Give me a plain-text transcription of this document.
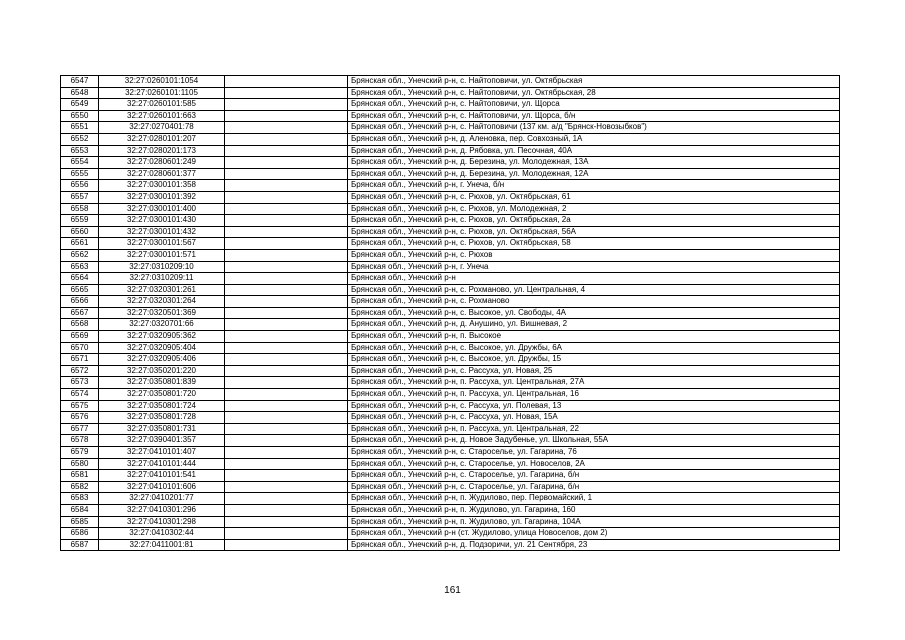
6547	32:27:0260101:1054		Брянская обл., Унечский р-н, с. Найтоповичи, ул. Октябрьская
6548	32:27:0260101:1105		Брянская обл., Унечский р-н, с. Найтоповичи, ул. Октябрьская, 28
6549	32:27:0260101:585		Брянская обл., Унечский р-н, с. Найтоповичи, ул. Щорса
6550	32:27:0260101:663		Брянская обл., Унечский р-н, с. Найтоповичи, ул. Щорса, б/н
6551	32:27:0270401:78		Брянская обл., Унечский р-н, с. Найтоповичи (137 км. а/д "Брянск-Новозыбков")
6552	32:27:0280101:207		Брянская обл., Унечский р-н, д. Аленовка, пер. Совхозный, 1А
6553	32:27:0280201:173		Брянская обл., Унечский р-н, д. Рябовка, ул. Песочная, 40А
6554	32:27:0280601:249		Брянская обл., Унечский р-н, д. Березина, ул. Молодежная, 13А
6555	32:27:0280601:377		Брянская обл., Унечский р-н, д. Березина, ул. Молодежная, 12А
6556	32:27:0300101:358		Брянская обл., Унечский р-н, г. Унеча, б/н
6557	32:27:0300101:392		Брянская обл., Унечский р-н, с. Рюхов, ул. Октябрьская, 61
6558	32:27:0300101:400		Брянская обл., Унечский р-н, с. Рюхов, ул. Молодежная, 2
6559	32:27:0300101:430		Брянская обл., Унечский р-н, с. Рюхов, ул. Октябрьская, 2а
6560	32:27:0300101:432		Брянская обл., Унечский р-н, с. Рюхов, ул. Октябрьская, 56А
6561	32:27:0300101:567		Брянская обл., Унечский р-н, с. Рюхов, ул. Октябрьская, 58
6562	32:27:0300101:571		Брянская обл., Унечский р-н, с. Рюхов
6563	32:27:0310209:10		Брянская обл., Унечский р-н, г. Унеча
6564	32:27:0310209:11		Брянская обл., Унечский р-н
6565	32:27:0320301:261		Брянская обл., Унечский р-н, с. Рохманово, ул. Центральная, 4
6566	32:27:0320301:264		Брянская обл., Унечский р-н, с. Рохманово
6567	32:27:0320501:369		Брянская обл., Унечский р-н, с. Высокое, ул. Свободы, 4А
6568	32:27:0320701:66		Брянская обл., Унечский р-н, д. Анушино, ул. Вишневая, 2
6569	32:27:0320905:362		Брянская обл., Унечский р-н, п. Высокое
6570	32:27:0320905:404		Брянская обл., Унечский р-н, с. Высокое, ул. Дружбы, 6А
6571	32:27:0320905:406		Брянская обл., Унечский р-н, с. Высокое, ул. Дружбы, 15
6572	32:27:0350201:220		Брянская обл., Унечский р-н, с. Рассуха, ул. Новая, 25
6573	32:27:0350801:839		Брянская обл., Унечский р-н, п. Рассуха, ул. Центральная, 27А
6574	32:27:0350801:720		Брянская обл., Унечский р-н, п. Рассуха, ул. Центральная, 16
6575	32:27:0350801:724		Брянская обл., Унечский р-н, с. Рассуха, ул. Полевая, 13
6576	32:27:0350801:728		Брянская обл., Унечский р-н, с. Рассуха, ул. Новая, 15А
6577	32:27:0350801:731		Брянская обл., Унечский р-н, п. Рассуха, ул. Центральная, 22
6578	32:27:0390401:357		Брянская обл., Унечский р-н, д. Новое Задубенье, ул. Школьная, 55А
6579	32:27:0410101:407		Брянская обл., Унечский р-н, с. Староселье, ул. Гагарина, 76
6580	32:27:0410101:444		Брянская обл., Унечский р-н, с. Староселье, ул. Новоселов, 2А
6581	32:27:0410101:541		Брянская обл., Унечский р-н, с. Староселье, ул. Гагарина, б/н
6582	32:27:0410101:606		Брянская обл., Унечский р-н, с. Староселье, ул. Гагарина, б/н
6583	32:27:0410201:77		Брянская обл., Унечский р-н, п. Жудилово, пер. Первомайский, 1
6584	32:27:0410301:296		Брянская обл., Унечский р-н, п. Жудилово, ул. Гагарина, 160
6585	32:27:0410301:298		Брянская обл., Унечский р-н, п. Жудилово, ул. Гагарина, 104А
6586	32:27:0410302:44		Брянская обл., Унечский р-н (ст. Жудилово, улица Новоселов, дом 2)
6587	32:27:0411001:81		Брянская обл., Унечский р-н, д. Подзоричи, ул. 21 Сентября, 23
161
